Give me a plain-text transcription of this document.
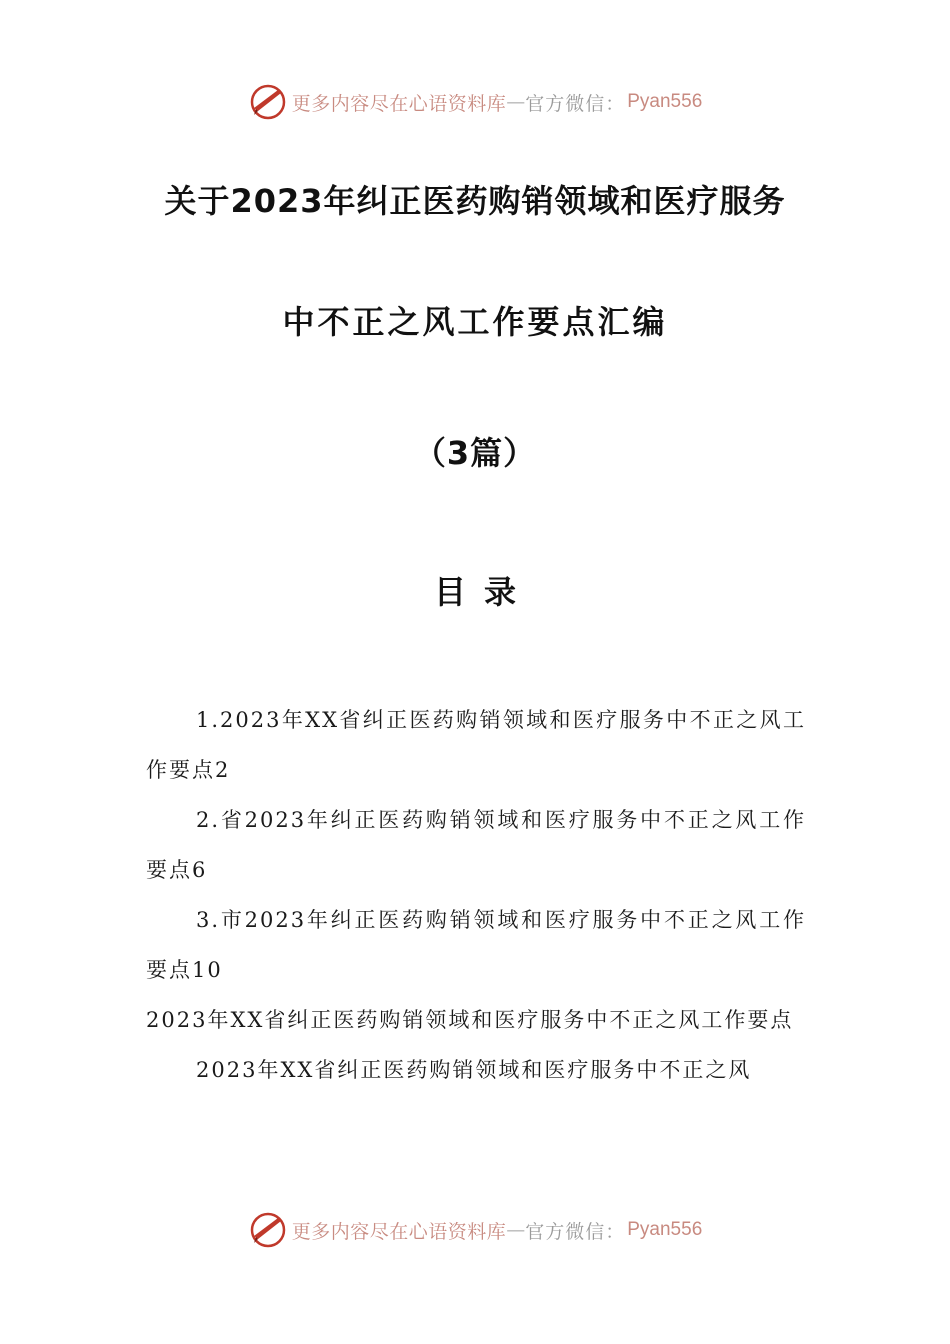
更多内容尽在心语资料库 — 官方微信： Pyan556
关于2023年纠正医药购销领域和医疗服务
中不正之风工作要点汇编
（3篇）
目录

1.2023年XX省纠正医药购销领域和医疗服务中不正之风工作要点2

2.省2023年纠正医药购销领域和医疗服务中不正之风工作要点6

3.市2023年纠正医药购销领域和医疗服务中不正之风工作要点10

2023年XX省纠正医药购销领域和医疗服务中不正之风工作要点

2023年XX省纠正医药购销领域和医疗服务中不正之风

更多内容尽在心语资料库 — 官方微信： Pyan556
